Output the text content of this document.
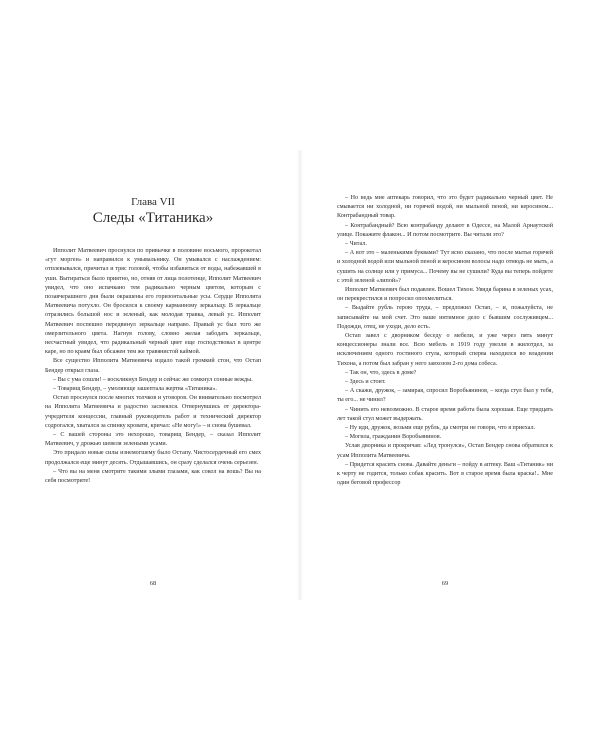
Глава VII
Следы «Титаника»

Ипполит Матвеевич проснулся по привычке в половине восьмого, пророкотал «гут морген» и направился к умывальнику. Он умывался с наслаждением: отплевывался, причитал и тряс головой, чтобы избавиться от воды, набежавшей в уши. Вытираться было приятно, но, отняв от лица полотенце, Ипполит Матвеевич увидел, что оно испачкано тем радикально черным цветом, которым с позавчерашнего дня были окрашены его горизонтальные усы. Сердце Ипполита Матвеевича потухло. Он бросился к своему карманному зеркальцу. В зеркальце отразились большой нос и зеленый, как молодая травка, левый ус. Ипполит Матвеевич поспешно передвинул зеркальце направо. Правый ус был того же омерзительного цвета. Нагнув голову, словно желая забодать зеркальце, несчастный увидел, что радикальный черный цвет еще господствовал в центре каре, но по краям был обсажен тем же травянистой каймой.

Все существо Ипполита Матвеевича издало такой громкий стон, что Остап Бендер открыл глаза.

– Вы с ума сошли! – воскликнул Бендер и сейчас же сомкнул сонные вежды.

– Товарищ Бендер, – умоляюще зашептала жертва «Титаника».

Остап проснулся после многих толчков и уговоров. Он внимательно посмотрел на Ипполита Матвеевича и радостно засмеялся. Отвернувшись от директора-учредителя концессии, главный руководитель работ и технический директор содрогался, хватался за спинку кровати, кричал: «Не могу!» – и снова бушевал.

– С вашей стороны это нехорошо, товарищ Бендер, – сказал Ипполит Матвеевич, у дрожью шевеля зелеными усами.

Это придало новые силы изнемогшему было Остапу. Чистосердечный его смех продолжался еще минут десять. Отдышавшись, он сразу сделался очень серьезен.

– Что вы на меня смотрите такими злыми глазами, как сокол на вошь? Вы на себя посмотрите!

68

– Но ведь мне аптекарь говорил, что это будет радикально черный цвет. Не смывается ни холодной, ни горячей водой, ни мыльной пеной, ни керосином... Контрабандный товар.

– Контрабандный? Всю контрабанду делают в Одессе, на Малой Арнаутской улице. Покажите флакон... И потом посмотрите. Вы читали это?

– Читал.

– А вот это – маленькими буквами? Тут ясно сказано, что после мытья горячей и холодной водой или мыльной пеной и керосином волосы надо отнюдь не мыть, а сушить на солнце или у примуса... Почему вы не сушили? Куда вы теперь пойдете с этой зеленой «липой»?

Ипполит Матвеевич был подавлен. Вошел Тихон. Увидя барина в зеленых усах, он перекрестился и попросил опохмелиться.

– Выдайте рубль герою труда, – предложил Остап, – и, пожалуйста, не записывайте на мой счет. Это ваше интимное дело с бывшим сослуживцем... Подожди, отец, не уходи, дело есть.

Остап завел с дворником беседу о мебели, и уже через пять минут концессионеры знали все. Всю мебель в 1919 году увезли в жилотдел, за исключением одного гостиного стула, который сперва находился во владении Тихона, а потом был забран у него завхозом 2-го дома собеса.

– Так он, что, здесь в доме?

– Здесь и стоит.

– А скажи, дружок, – замирая, спросил Воробьянинов, – когда стул был у тебя, ты его... не чинил?

– Чинить его невозможно. В старое время работа была хорошая. Еще тридцать лет такой стул может выдержать.

– Ну иди, дружок, возьми еще рубль, да смотри не говори, что я приехал.

– Могила, гражданин Воробьянинов.

Услав дворника и прокричав: «Лед тронулся», Остап Бендер снова обратился к усам Ипполита Матвеевича.

– Придется красить снова. Давайте деньги – пойду в аптеку. Ваш «Титаник» ни к черту не годится, только собак красить. Вот в старое время была краска!.. Мне один беговой профессор

69
